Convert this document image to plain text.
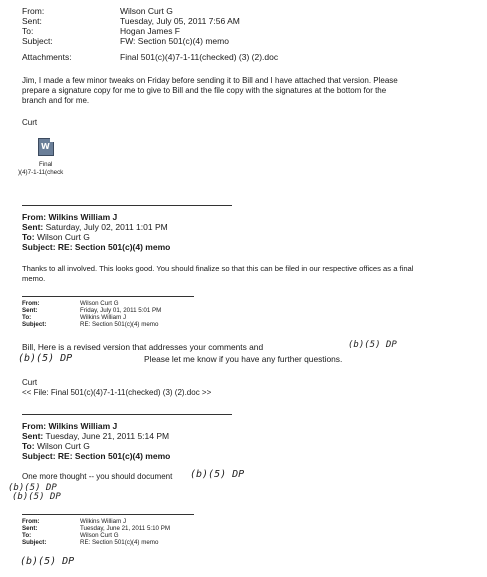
From:	Wilson Curt G
Sent:	Tuesday, July 05, 2011 7:56 AM
To:	Hogan James F
Subject:	FW: Section 501(c)(4) memo
Attachments:	Final 501(c)(4)7-1-11(checked) (3) (2).doc
Jim, I made a few minor tweaks on Friday before sending it to Bill and I have attached that version. Please
prepare a signature copy for me to give to Bill and the file copy with the signatures at the bottom for the
branch and for me.
Curt
W
Final
)(4)7-1-11(check
From: Wilkins William J
Sent: Saturday, July 02, 2011 1:01 PM
To: Wilson Curt G
Subject: RE: Section 501(c)(4) memo
Thanks to all involved. This looks good. You should finalize so that this can be filed in our respective offices as a final
memo.
From:	Wilson Curt G
Sent:	Friday, July 01, 2011 5:01 PM
To:	Wilkins William J
Subject:	RE: Section 501(c)(4) memo
Bill, Here is a revised version that addresses your comments and	(b)(5) DP
(b)(5) DP	Please let me know if you have any further questions.
Curt
<< File: Final 501(c)(4)7-1-11(checked) (3) (2).doc >>
From: Wilkins William J
Sent: Tuesday, June 21, 2011 5:14 PM
To: Wilson Curt G
Subject: RE: Section 501(c)(4) memo
One more thought -- you should document (b)(5) DP
(b)(5) DP
(b)(5) DP
From:	Wilkins William J
Sent:	Tuesday, June 21, 2011 5:10 PM
To:	Wilson Curt G
Subject:	RE: Section 501(c)(4) memo
(b)(5) DP
